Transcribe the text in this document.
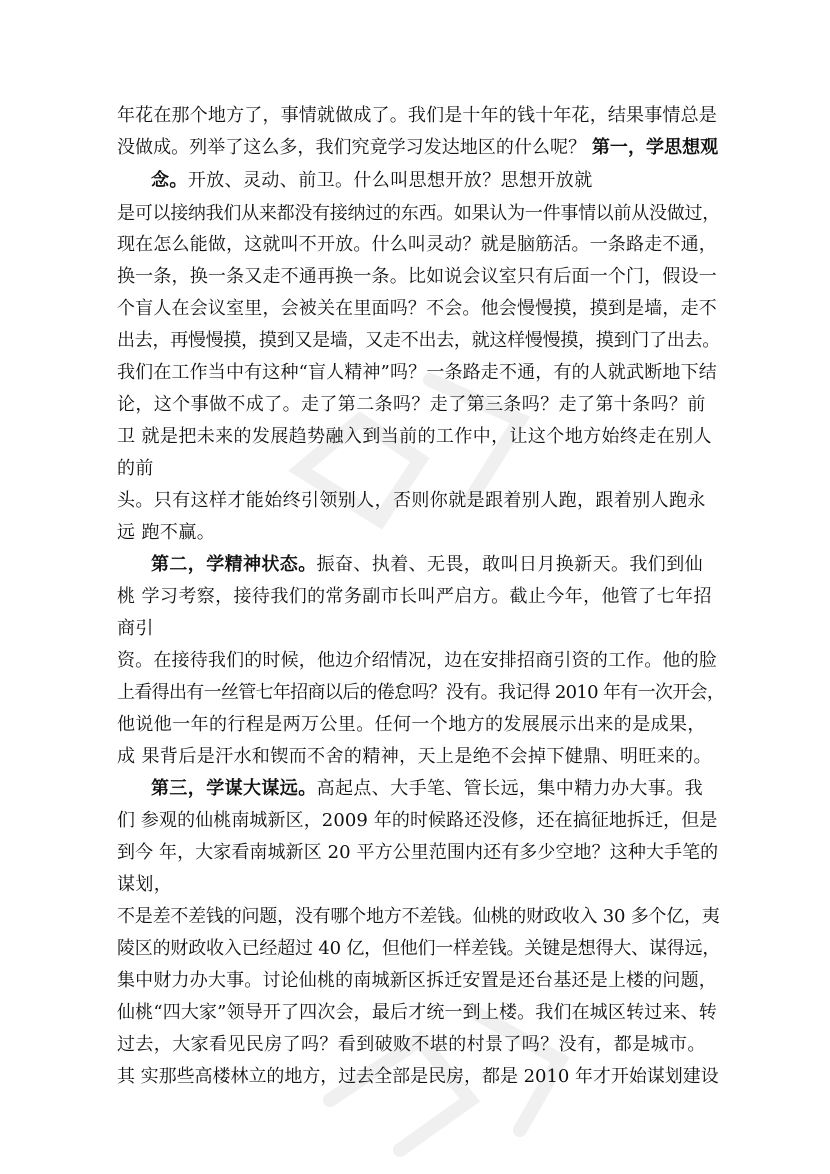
年花在那个地方了，事情就做成了。我们是十年的钱十年花，结果事情总是
没做成。列举了这么多，我们究竟学习发达地区的什么呢？ 第一，学思想观
念。开放、灵动、前卫。什么叫思想开放？思想开放就
是可以接纳我们从来都没有接纳过的东西。如果认为一件事情以前从没做过，
现在怎么能做，这就叫不开放。什么叫灵动？就是脑筋活。一条路走不通，
换一条，换一条又走不通再换一条。比如说会议室只有后面一个门，假设一
个盲人在会议室里，会被关在里面吗？不会。他会慢慢摸，摸到是墙，走不
出去，再慢慢摸，摸到又是墙，又走不出去，就这样慢慢摸，摸到门了出去。
我们在工作当中有这种“盲人精神”吗？一条路走不通，有的人就武断地下结
论，这个事做不成了。走了第二条吗？走了第三条吗？走了第十条吗？前
卫 就是把未来的发展趋势融入到当前的工作中，让这个地方始终走在别人
的前
头。只有这样才能始终引领别人，否则你就是跟着别人跑，跟着别人跑永
远 跑不赢。
第二，学精神状态。振奋、执着、无畏，敢叫日月换新天。我们到仙
桃 学习考察，接待我们的常务副市长叫严启方。截止今年，他管了七年招
商引
资。在接待我们的时候，他边介绍情况，边在安排招商引资的工作。他的脸
上看得出有一丝管七年招商以后的倦怠吗？没有。我记得 2010 年有一次开会，
他说他一年的行程是两万公里。任何一个地方的发展展示出来的是成果，
成 果背后是汗水和锲而不舍的精神，天上是绝不会掉下健鼎、明旺来的。
第三，学谋大谋远。高起点、大手笔、管长远，集中精力办大事。我
们 参观的仙桃南城新区，2009 年的时候路还没修，还在搞征地拆迁，但是
到今 年，大家看南城新区 20 平方公里范围内还有多少空地？这种大手笔的
谋划，
不是差不差钱的问题，没有哪个地方不差钱。仙桃的财政收入 30 多个亿，夷
陵区的财政收入已经超过 40 亿，但他们一样差钱。关键是想得大、谋得远，
集中财力办大事。讨论仙桃的南城新区拆迁安置是还台基还是上楼的问题，
仙桃“四大家”领导开了四次会，最后才统一到上楼。我们在城区转过来、转
过去，大家看见民房了吗？看到破败不堪的村景了吗？没有，都是城市。
其 实那些高楼林立的地方，过去全部是民房，都是 2010 年才开始谋划建设
